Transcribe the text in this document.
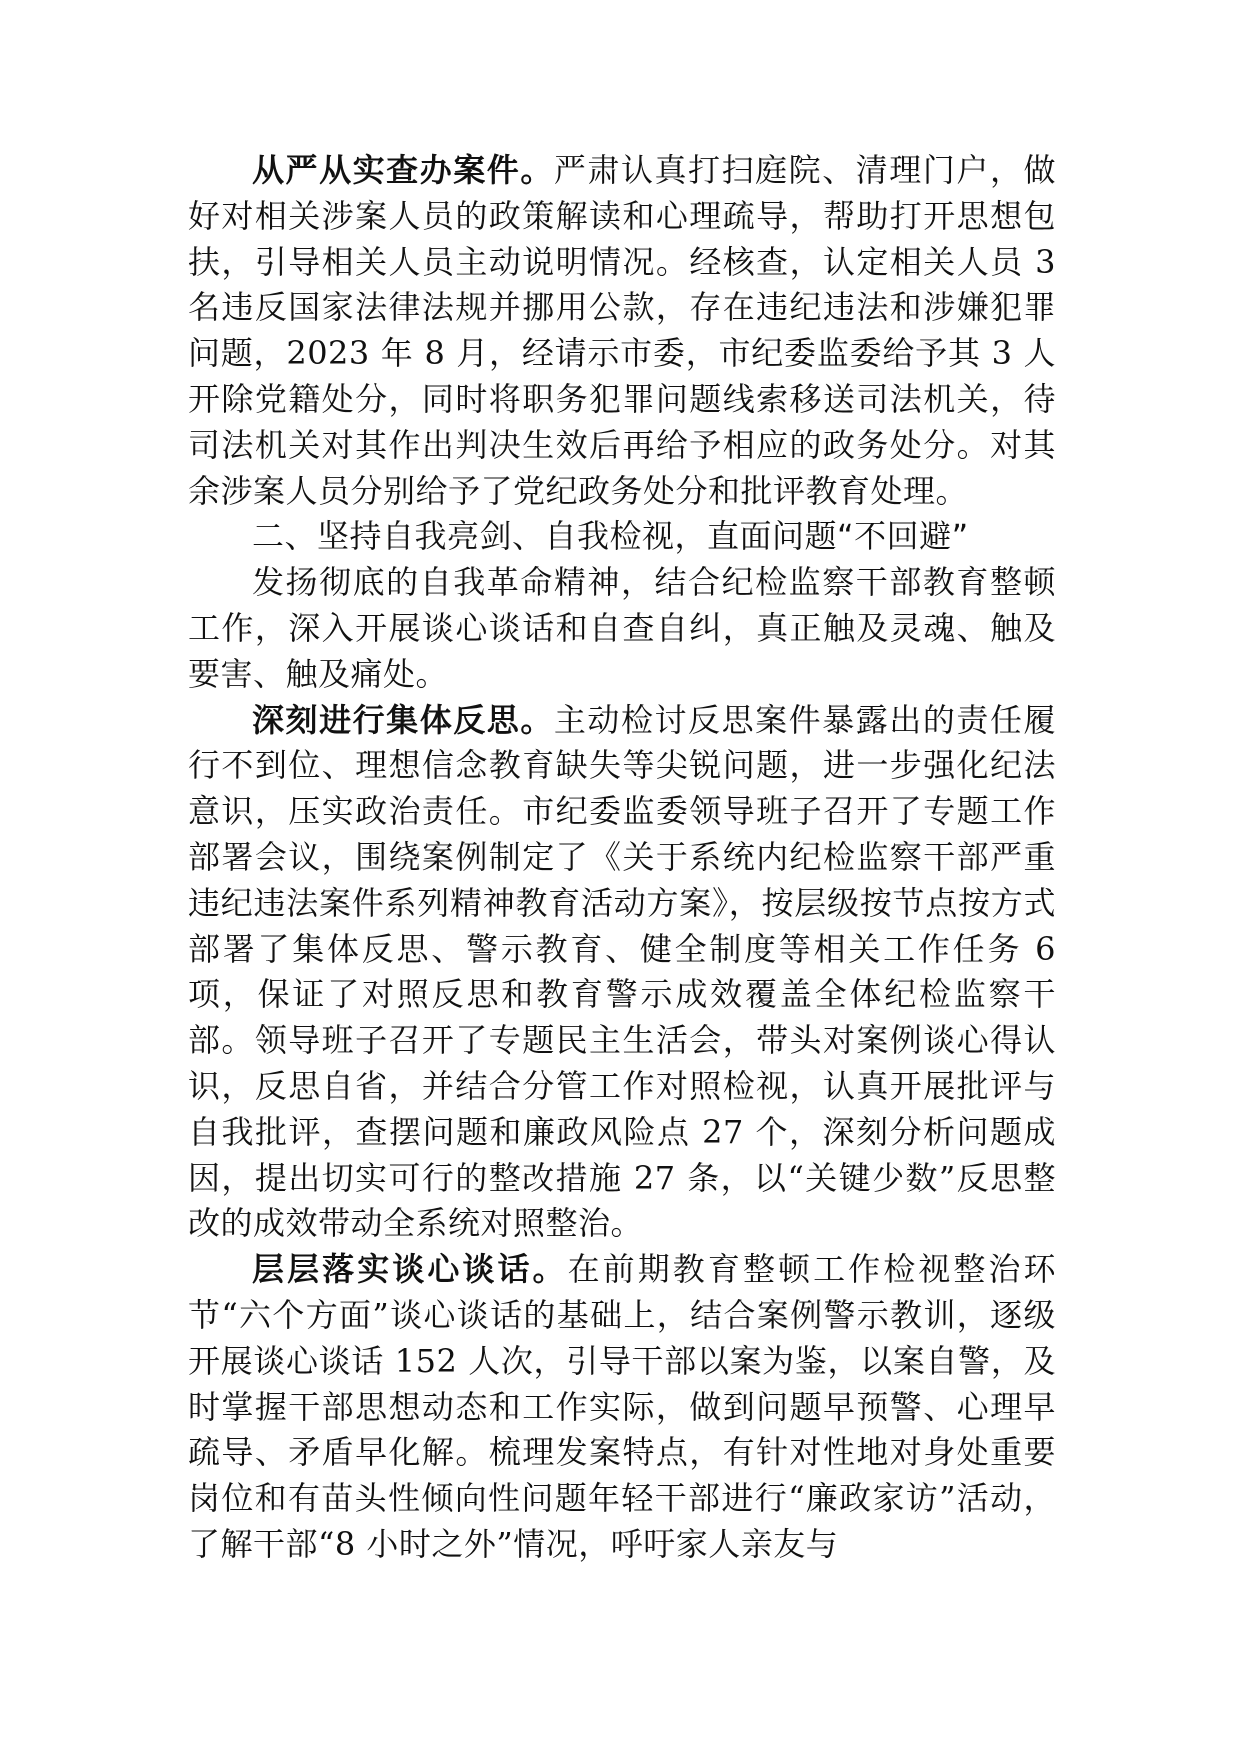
从严从实查办案件。严肃认真打扫庭院、清理门户，做好对相关涉案人员的政策解读和心理疏导，帮助打开思想包扶，引导相关人员主动说明情况。经核查，认定相关人员 3 名违反国家法律法规并挪用公款，存在违纪违法和涉嫌犯罪问题，2023 年 8 月，经请示市委，市纪委监委给予其 3 人开除党籍处分，同时将职务犯罪问题线索移送司法机关，待司法机关对其作出判决生效后再给予相应的政务处分。对其余涉案人员分别给予了党纪政务处分和批评教育处理。

二、坚持自我亮剑、自我检视，直面问题“不回避”

发扬彻底的自我革命精神，结合纪检监察干部教育整顿工作，深入开展谈心谈话和自查自纠，真正触及灵魂、触及要害、触及痛处。

深刻进行集体反思。主动检讨反思案件暴露出的责任履行不到位、理想信念教育缺失等尖锐问题，进一步强化纪法意识，压实政治责任。市纪委监委领导班子召开了专题工作部署会议，围绕案例制定了《关于系统内纪检监察干部严重违纪违法案件系列精神教育活动方案》，按层级按节点按方式部署了集体反思、警示教育、健全制度等相关工作任务 6 项，保证了对照反思和教育警示成效覆盖全体纪检监察干部。领导班子召开了专题民主生活会，带头对案例谈心得认识，反思自省，并结合分管工作对照检视，认真开展批评与自我批评，查摆问题和廉政风险点 27 个，深刻分析问题成因，提出切实可行的整改措施 27 条，以“关键少数”反思整改的成效带动全系统对照整治。

层层落实谈心谈话。在前期教育整顿工作检视整治环节“六个方面”谈心谈话的基础上，结合案例警示教训，逐级开展谈心谈话 152 人次，引导干部以案为鉴，以案自警，及时掌握干部思想动态和工作实际，做到问题早预警、心理早疏导、矛盾早化解。梳理发案特点，有针对性地对身处重要岗位和有苗头性倾向性问题年轻干部进行“廉政家访”活动，了解干部“8 小时之外”情况，呼吁家人亲友与
